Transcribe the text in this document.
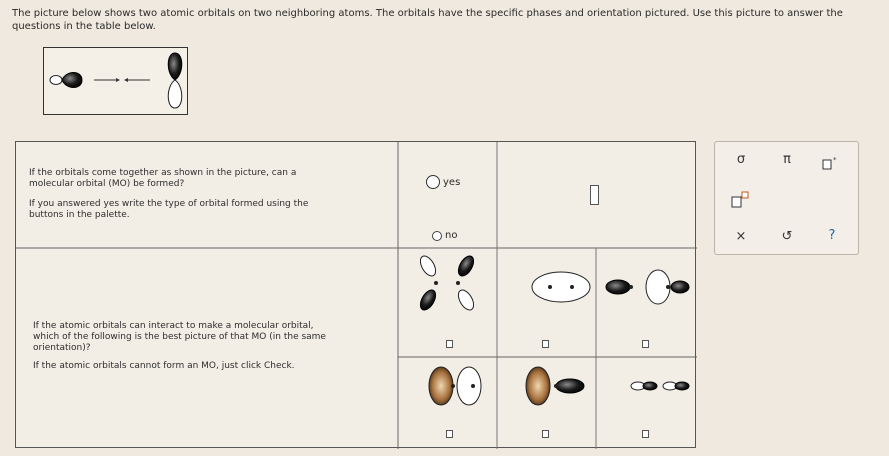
The picture below shows two atomic orbitals on two neighboring atoms. The orbitals have the specific phases and orientation pictured. Use this picture to answer the questions in the table below.
If the orbitals come together as shown in the picture, can a
molecular orbital (MO) be formed?
If you answered yes write the type of orbital formed using the
buttons in the palette.
yes
no
If the atomic orbitals can interact to make a molecular orbital,
which of the following is the best picture of that MO (in the same
orientation)?
If the atomic orbitals cannot form an MO, just click Check.
σ	π	*
×	↺	?
